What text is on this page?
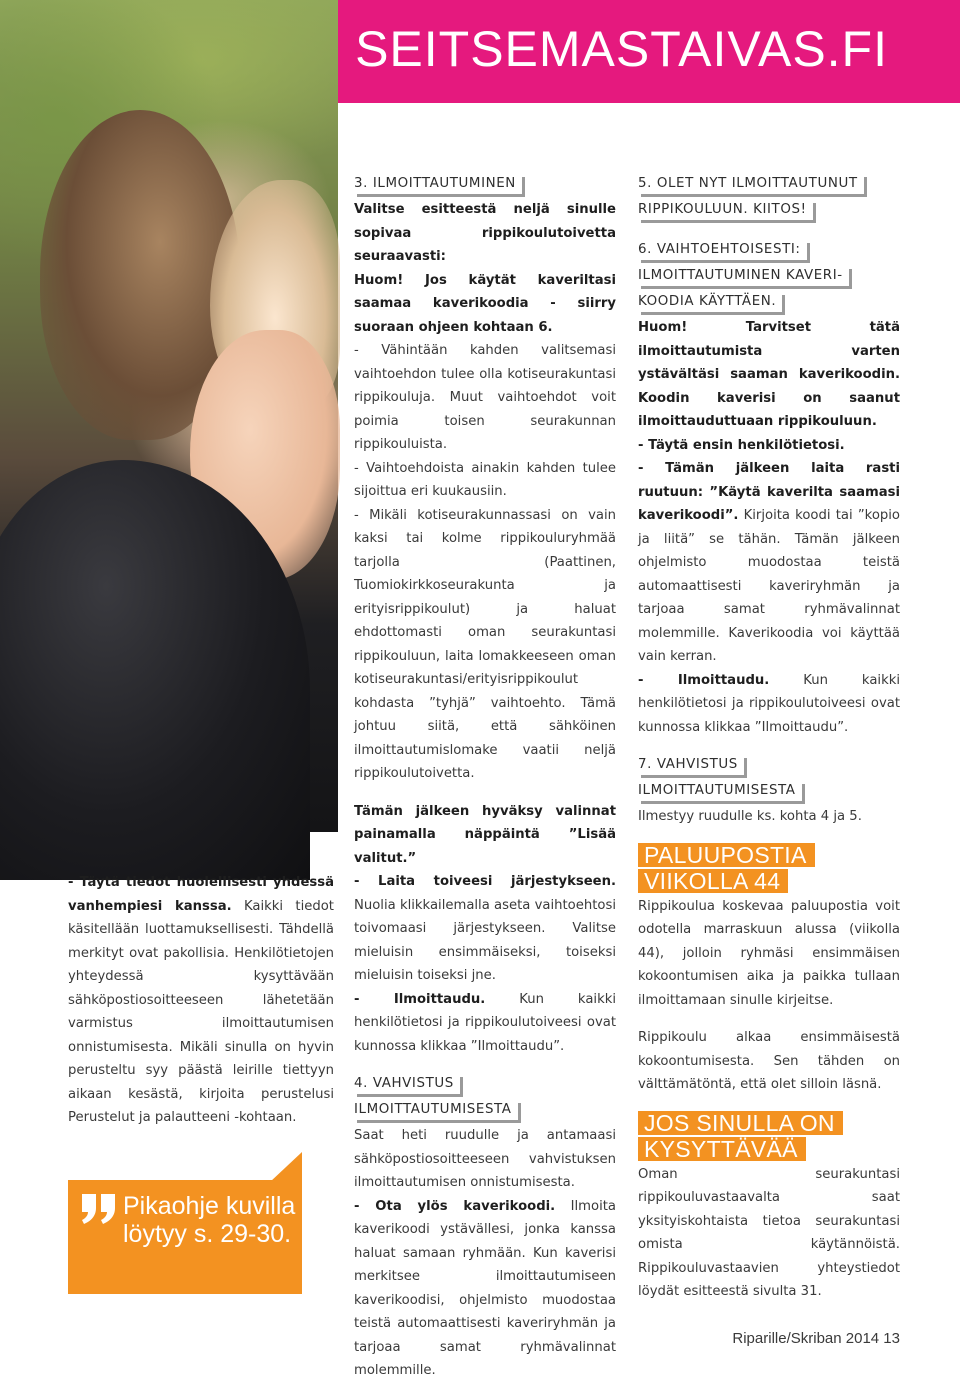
SEITSEMASTAIVAS.FI

- Täytä tiedot huolellisesti yhdessä vanhempiesi kanssa. Kaikki tiedot käsitellään luottamuksellisesti. Tähdellä merkityt ovat pakollisia. Henkilötietojen yhteydessä kysyttävään sähköpostiosoitteeseen lähetetään varmistus ilmoittautumisen onnistumisesta. Mikäli sinulla on hyvin perusteltu syy päästä leirille tiettyyn aikaan kesästä, kirjoita perustelusi Perustelut ja palautteeni -kohtaan.

Pikaohje kuvilla löytyy s. 29-30.
3. ILMOITTAUTUMINEN

Valitse esitteestä neljä sinulle sopivaa rippikoulutoivetta seuraavasti:

Huom! Jos käytät kaveriltasi saamaa kaverikoodia - siirry suoraan ohjeen kohtaan 6.

- Vähintään kahden valitsemasi vaihtoehdon tulee olla kotiseurakuntasi rippikouluja. Muut vaihtoehdot voit poimia toisen seurakunnan rippikouluista.

- Vaihtoehdoista ainakin kahden tulee sijoittua eri kuukausiin.

- Mikäli kotiseurakunnassasi on vain kaksi tai kolme rippikouluryhmää tarjolla (Paattinen, Tuomiokirkkoseurakunta ja erityisrippikoulut) ja haluat ehdottomasti oman seurakuntasi rippikouluun, laita lomakkeeseen oman kotiseurakuntasi/erityisrippikoulut kohdasta ”tyhjä” vaihtoehto. Tämä johtuu siitä, että sähköinen ilmoittautumislomake vaatii neljä rippikoulutoivetta.

Tämän jälkeen hyväksy valinnat painamalla näppäintä ”Lisää valitut.”

- Laita toiveesi järjestykseen. Nuolia klikkailemalla aseta vaihtoehtosi toivomaasi järjestykseen. Valitse mieluisin ensimmäiseksi, toiseksi mieluisin toiseksi jne.

- Ilmoittaudu. Kun kaikki henkilötietosi ja rippikoulutoiveesi ovat kunnossa klikkaa ”Ilmoittaudu”.

4. VAHVISTUS
ILMOITTAUTUMISESTA

Saat heti ruudulle ja antamaasi sähköpostiosoitteeseen vahvistuksen ilmoittautumisen onnistumisesta.

- Ota ylös kaverikoodi. Ilmoita kaverikoodi ystävällesi, jonka kanssa haluat samaan ryhmään. Kun kaverisi merkitsee ilmoittautumiseen kaverikoodisi, ohjelmisto muodostaa teistä automaattisesti kaveriryhmän ja tarjoaa samat ryhmävalinnat molemmille.

5. OLET NYT ILMOITTAUTUNUT
RIPPIKOULUUN. KIITOS!
6. VAIHTOEHTOISESTI:
ILMOITTAUTUMINEN KAVERI-
KOODIA KÄYTTÄEN.

Huom! Tarvitset tätä ilmoittautumista varten ystävältäsi saaman kaverikoodin. Koodin kaverisi on saanut ilmoittauduttuaan rippikouluun.

- Täytä ensin henkilötietosi.

- Tämän jälkeen laita rasti ruutuun: ”Käytä kaverilta saamasi kaverikoodi”. Kirjoita koodi tai ”kopio ja liitä” se tähän. Tämän jälkeen ohjelmisto muodostaa teistä automaattisesti kaveriryhmän ja tarjoaa samat ryhmävalinnat molemmille. Kaverikoodia voi käyttää vain kerran.

- Ilmoittaudu. Kun kaikki henkilötietosi ja rippikoulutoiveesi ovat kunnossa klikkaa ”Ilmoittaudu”.

7. VAHVISTUS
ILMOITTAUTUMISESTA

Ilmestyy ruudulle ks. kohta 4 ja 5.

PALUUPOSTIA
VIIKOLLA 44

Rippikoulua koskevaa paluupostia voit odotella marraskuun alussa (viikolla 44), jolloin ryhmäsi ensimmäisen kokoontumisen aika ja paikka tullaan ilmoittamaan sinulle kirjeitse.

Rippikoulu alkaa ensimmäisestä kokoontumisesta. Sen tähden on välttämätöntä, että olet silloin läsnä.

JOS SINULLA ON
KYSYTTÄVÄÄ

Oman seurakuntasi rippikouluvastaavalta saat yksityiskohtaista tietoa seurakuntasi omista käytännöistä. Rippikouluvastaavien yhteystiedot löydät esitteestä sivulta 31.

Riparille/Skriban 2014 13
